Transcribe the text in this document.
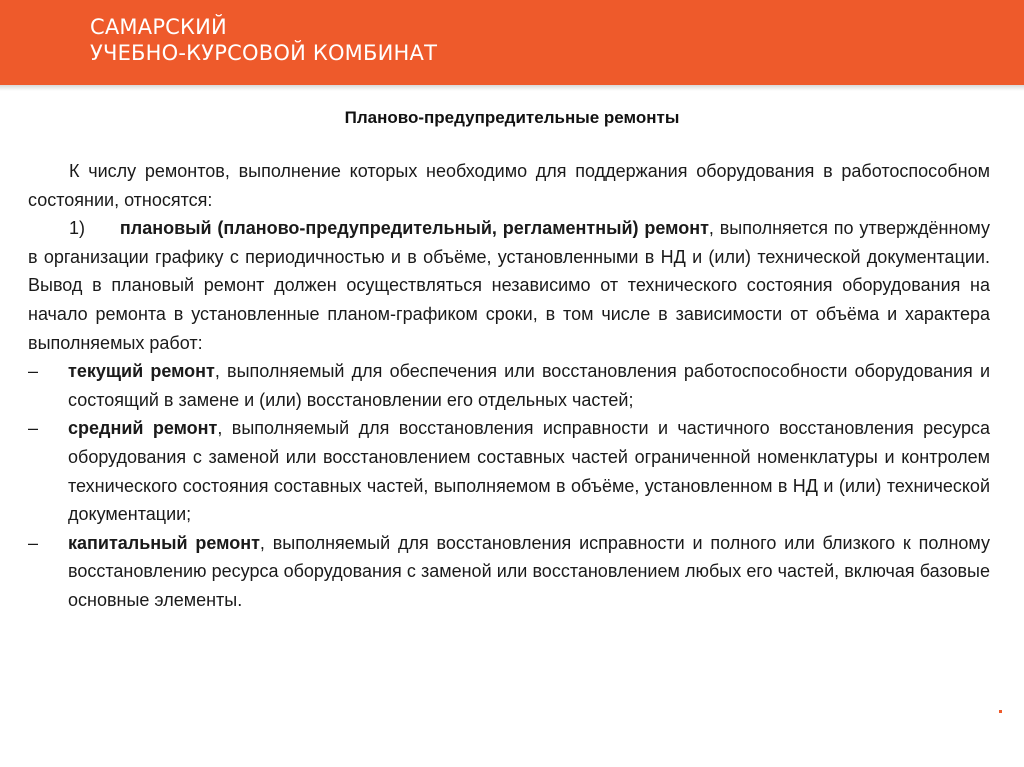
САМАРСКИЙ
УЧЕБНО-КУРСОВОЙ КОМБИНАТ
Планово-предупредительные ремонты

К числу ремонтов, выполнение которых необходимо для поддержания оборудования в работоспособном состоянии, относятся:

1) плановый (планово-предупредительный, регламентный) ремонт, выполняется по утверждённому в организации графику с периодичностью и в объёме, установленными в НД и (или) технической документации. Вывод в плановый ремонт должен осуществляться независимо от технического состояния оборудования на начало ремонта в установленные планом-графиком сроки, в том числе в зависимости от объёма и характера выполняемых работ:

– текущий ремонт, выполняемый для обеспечения или восстановления работоспособности оборудования и состоящий в замене и (или) восстановлении его отдельных частей;

– средний ремонт, выполняемый для восстановления исправности и частичного восстановления ресурса оборудования с заменой или восстановлением составных частей ограниченной номенклатуры и контролем технического состояния составных частей, выполняемом в объёме, установленном в НД и (или) технической документации;

– капитальный ремонт, выполняемый для восстановления исправности и полного или близкого к полному восстановлению ресурса оборудования с заменой или восстановлением любых его частей, включая базовые основные элементы.
